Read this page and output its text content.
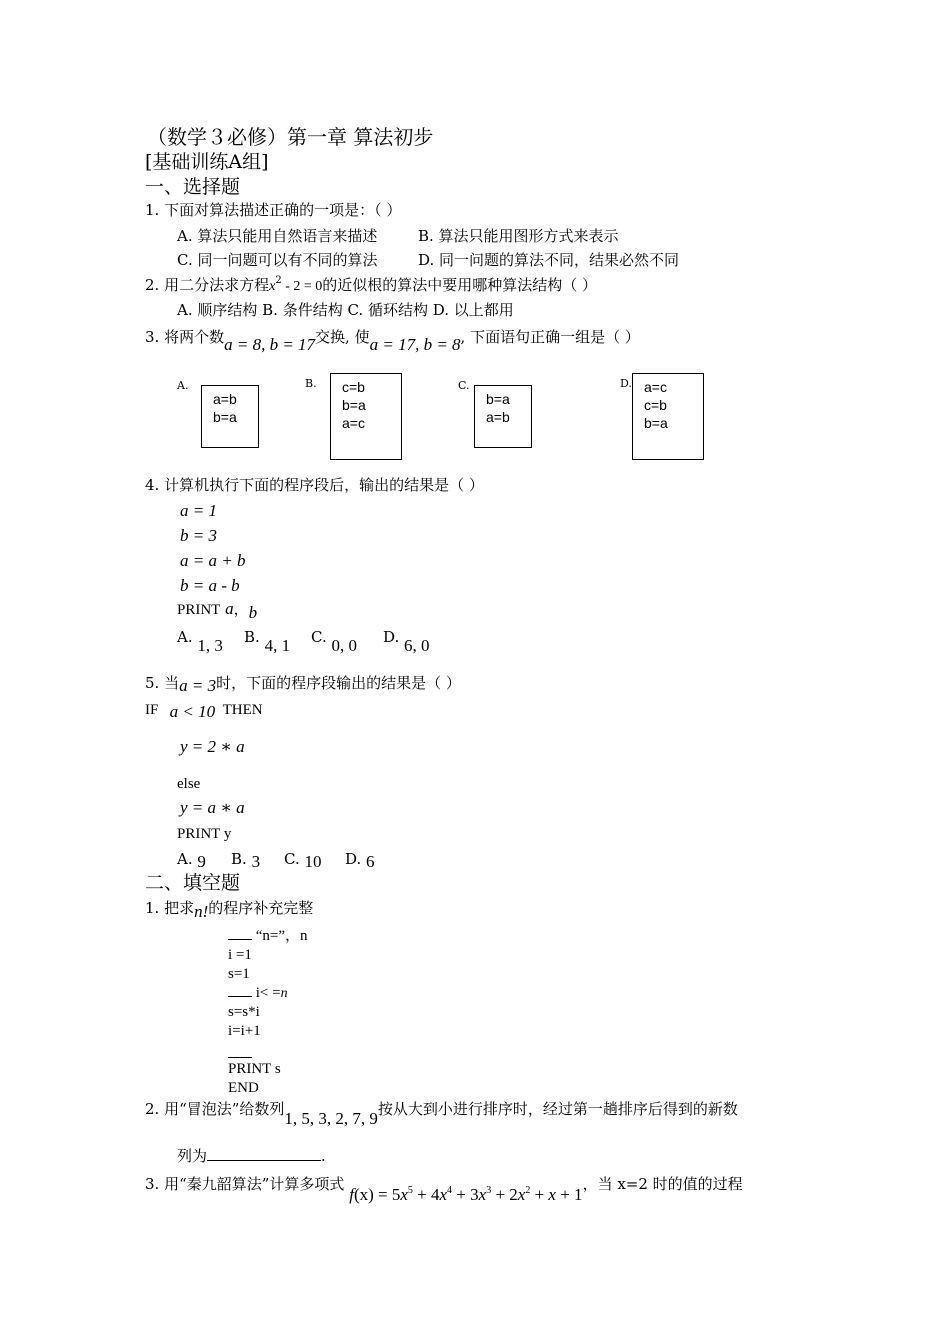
（数学３必修）第一章 算法初步
[基础训练A组]
一、选择题
1. 下面对算法描述正确的一项是：（ ）
A. 算法只能用自然语言来描述	B. 算法只能用图形方式来表示
C. 同一问题可以有不同的算法	D. 同一问题的算法不同，结果必然不同
2. 用二分法求方程$x^2 - 2 = 0$的近似根的算法中要用哪种算法结构（ ）
A. 顺序结构 B. 条件结构 C. 循环结构 D. 以上都用
3. 将两个数a = 8, b = 17交换, 使a = 17, b = 8, 下面语句正确一组是（ ）
A.
a=b
b=a
B. c=b
b=a
a=c
C.
b=a
a=b
D. a=c
c=b
b=a
4. 计算机执行下面的程序段后，输出的结果是（ ）
a = 1
b = 3
a = a + b
b = a - b
PRINT a，b
A. 1, 3 B. 4, 1 C. 0, 0 D. 6, 0
5. 当a = 3时，下面的程序段输出的结果是（ ）
IF a < 10 THEN
y = 2 ∗ a
else
y = a ∗ a
PRINT y
A. 9 B. 3 C. 10 D. 6
二、填空题
1. 把求n!的程序补充完整
“n=”，n
i =1
s=1
i< =n
s=s*i
i=i+1
PRINT s
END
2. 用“冒泡法”给数列1, 5, 3, 2, 7, 9按从大到小进行排序时，经过第一趟排序后得到的新数
列为	.
3. 用“秦九韶算法”计算多项式 $f(x) = 5x^5 + 4x^4 + 3x^3 + 2x^2 + x + 1$，当 x=2 时的值的过程
